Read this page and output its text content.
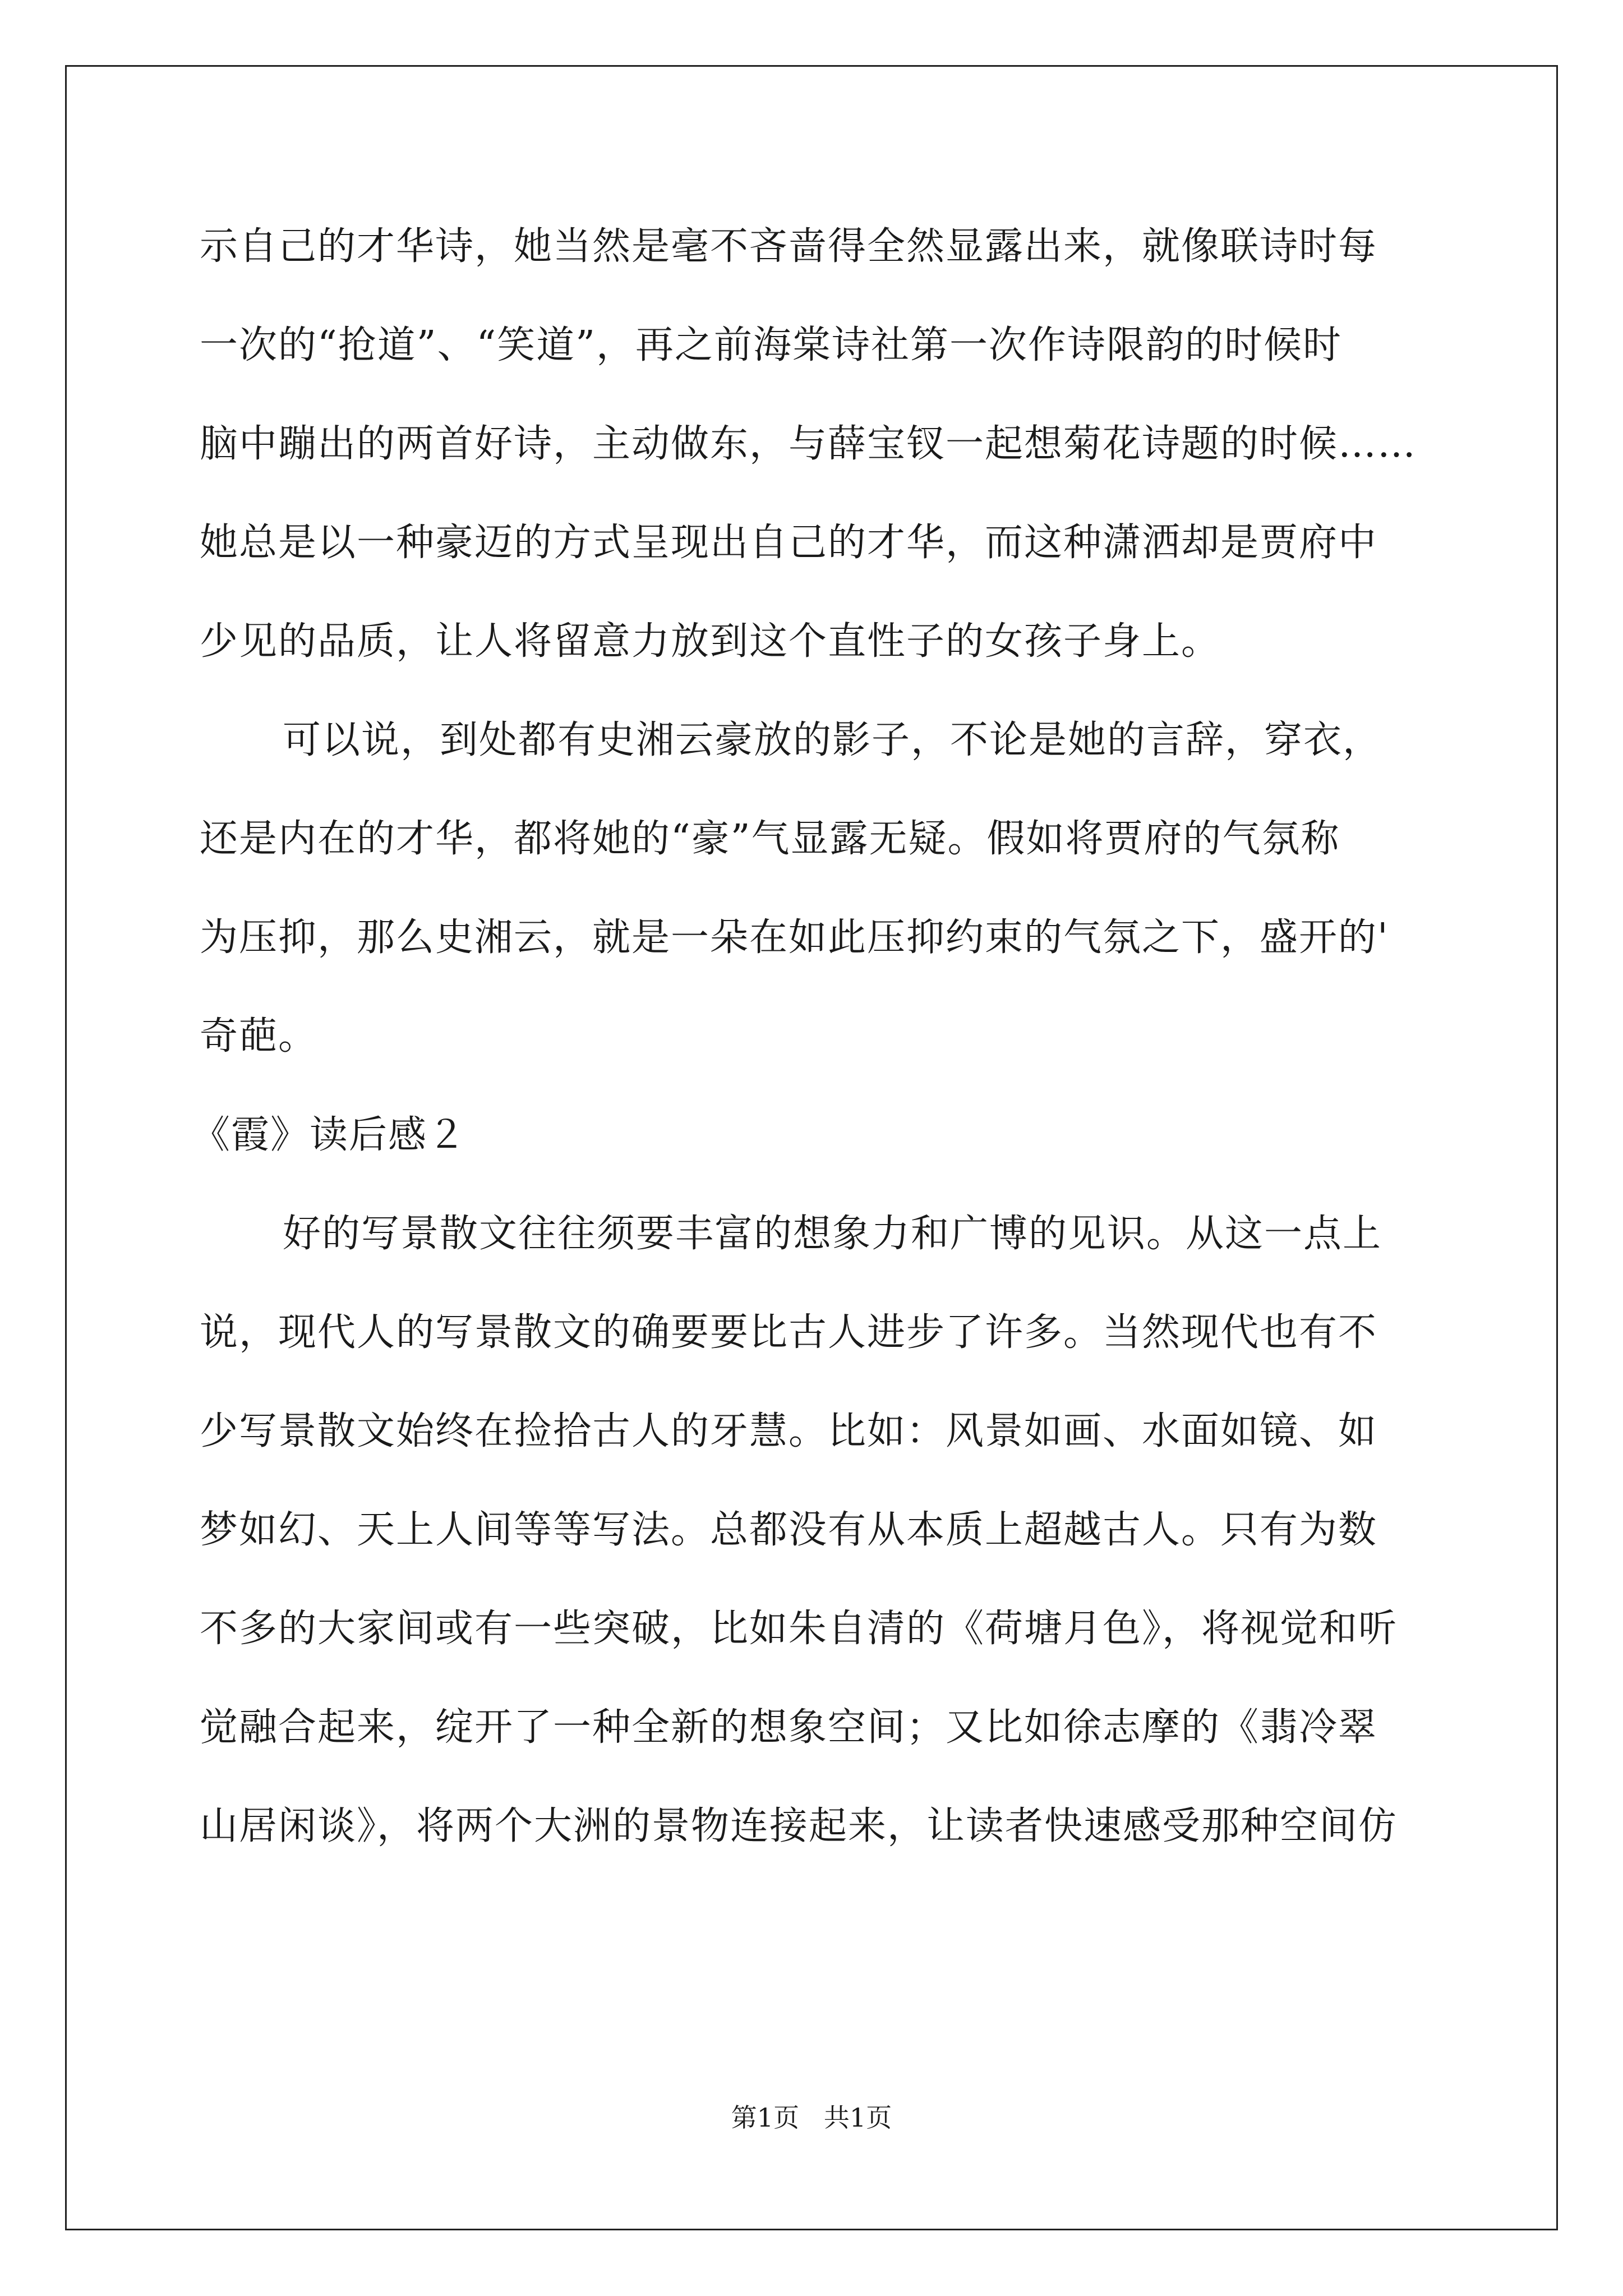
示自己的才华诗，她当然是毫不吝啬得全然显露出来，就像联诗时每
一次的“抢道”、“笑道”，再之前海棠诗社第一次作诗限韵的时候时
脑中蹦出的两首好诗，主动做东，与薛宝钗一起想菊花诗题的时候……
她总是以一种豪迈的方式呈现出自己的才华，而这种潇洒却是贾府中
少见的品质，让人将留意力放到这个直性子的女孩子身上。
可以说，到处都有史湘云豪放的影子，不论是她的言辞，穿衣，
还是内在的才华，都将她的“豪”气显露无疑。假如将贾府的气氛称
为压抑，那么史湘云，就是一朵在如此压抑约束的气氛之下，盛开的'
奇葩。
《霞》读后感２
好的写景散文往往须要丰富的想象力和广博的见识。从这一点上
说，现代人的写景散文的确要要比古人进步了许多。当然现代也有不
少写景散文始终在捡拾古人的牙慧。比如：风景如画、水面如镜、如
梦如幻、天上人间等等写法。总都没有从本质上超越古人。只有为数
不多的大家间或有一些突破，比如朱自清的《荷塘月色》，将视觉和听
觉融合起来，绽开了一种全新的想象空间；又比如徐志摩的《翡冷翠
山居闲谈》，将两个大洲的景物连接起来，让读者快速感受那种空间仿
第1页   共1页
